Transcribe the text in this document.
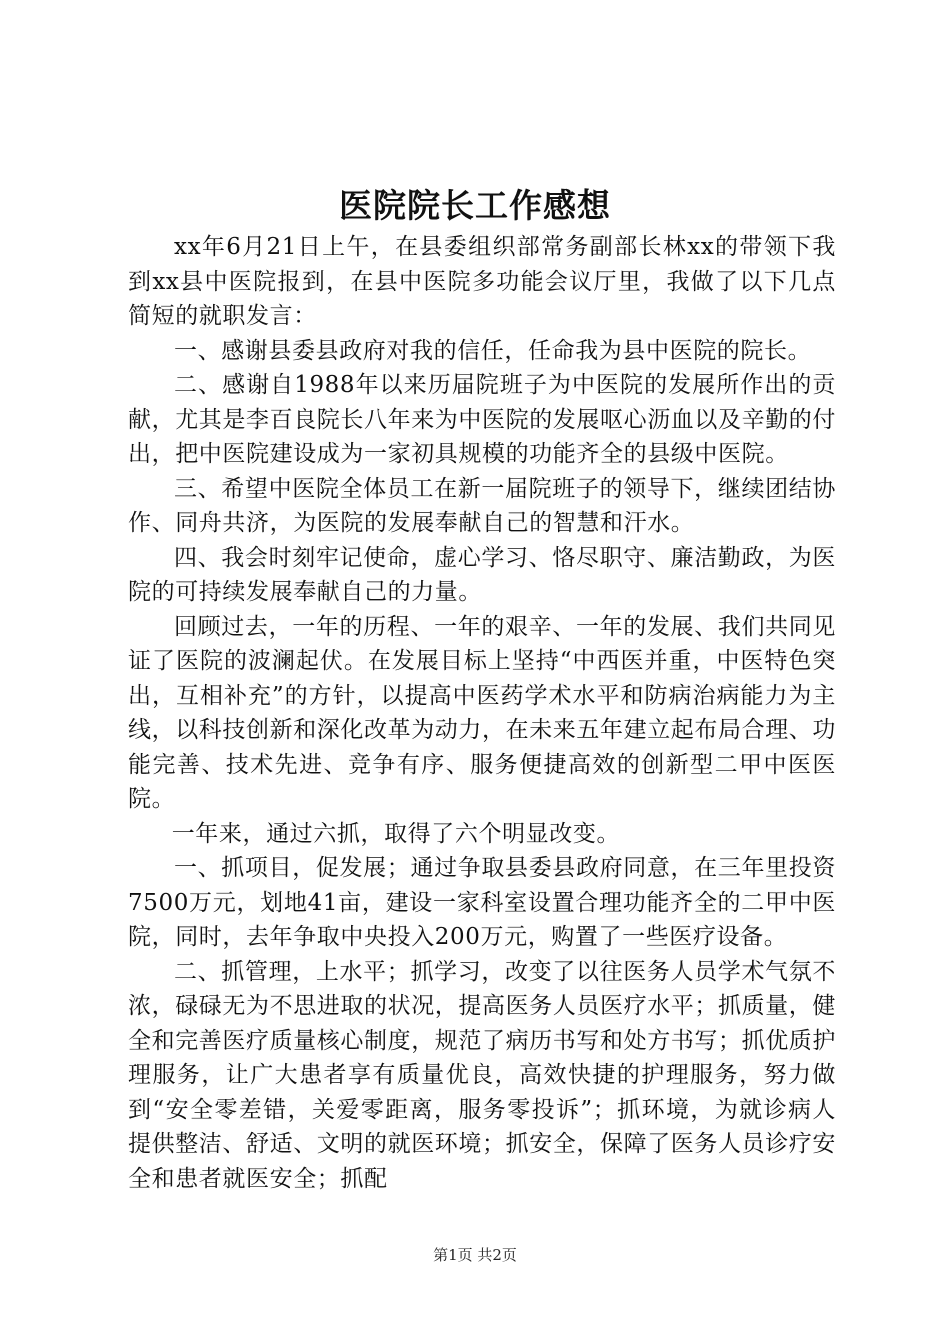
医院院长工作感想

xx年6月21日上午，在县委组织部常务副部长林xx的带领下我到xx县中医院报到，在县中医院多功能会议厅里，我做了以下几点简短的就职发言：

一、感谢县委县政府对我的信任，任命我为县中医院的院长。

二、感谢自1988年以来历届院班子为中医院的发展所作出的贡献，尤其是李百良院长八年来为中医院的发展呕心沥血以及辛勤的付出，把中医院建设成为一家初具规模的功能齐全的县级中医院。

三、希望中医院全体员工在新一届院班子的领导下，继续团结协作、同舟共济，为医院的发展奉献自己的智慧和汗水。

四、我会时刻牢记使命，虚心学习、恪尽职守、廉洁勤政，为医院的可持续发展奉献自己的力量。

回顾过去，一年的历程、一年的艰辛、一年的发展、我们共同见证了医院的波澜起伏。在发展目标上坚持“中西医并重，中医特色突出，互相补充”的方针，以提高中医药学术水平和防病治病能力为主线，以科技创新和深化改革为动力，在未来五年建立起布局合理、功能完善、技术先进、竞争有序、服务便捷高效的创新型二甲中医医院。

一年来，通过六抓，取得了六个明显改变。

一、抓项目，促发展；通过争取县委县政府同意，在三年里投资7500万元，划地41亩，建设一家科室设置合理功能齐全的二甲中医院，同时，去年争取中央投入200万元，购置了一些医疗设备。

二、抓管理，上水平；抓学习，改变了以往医务人员学术气氛不浓，碌碌无为不思进取的状况，提高医务人员医疗水平；抓质量，健全和完善医疗质量核心制度，规范了病历书写和处方书写；抓优质护理服务，让广大患者享有质量优良，高效快捷的护理服务，努力做到“安全零差错，关爱零距离，服务零投诉”；抓环境，为就诊病人提供整洁、舒适、文明的就医环境；抓安全，保障了医务人员诊疗安全和患者就医安全；抓配

第1页 共2页
